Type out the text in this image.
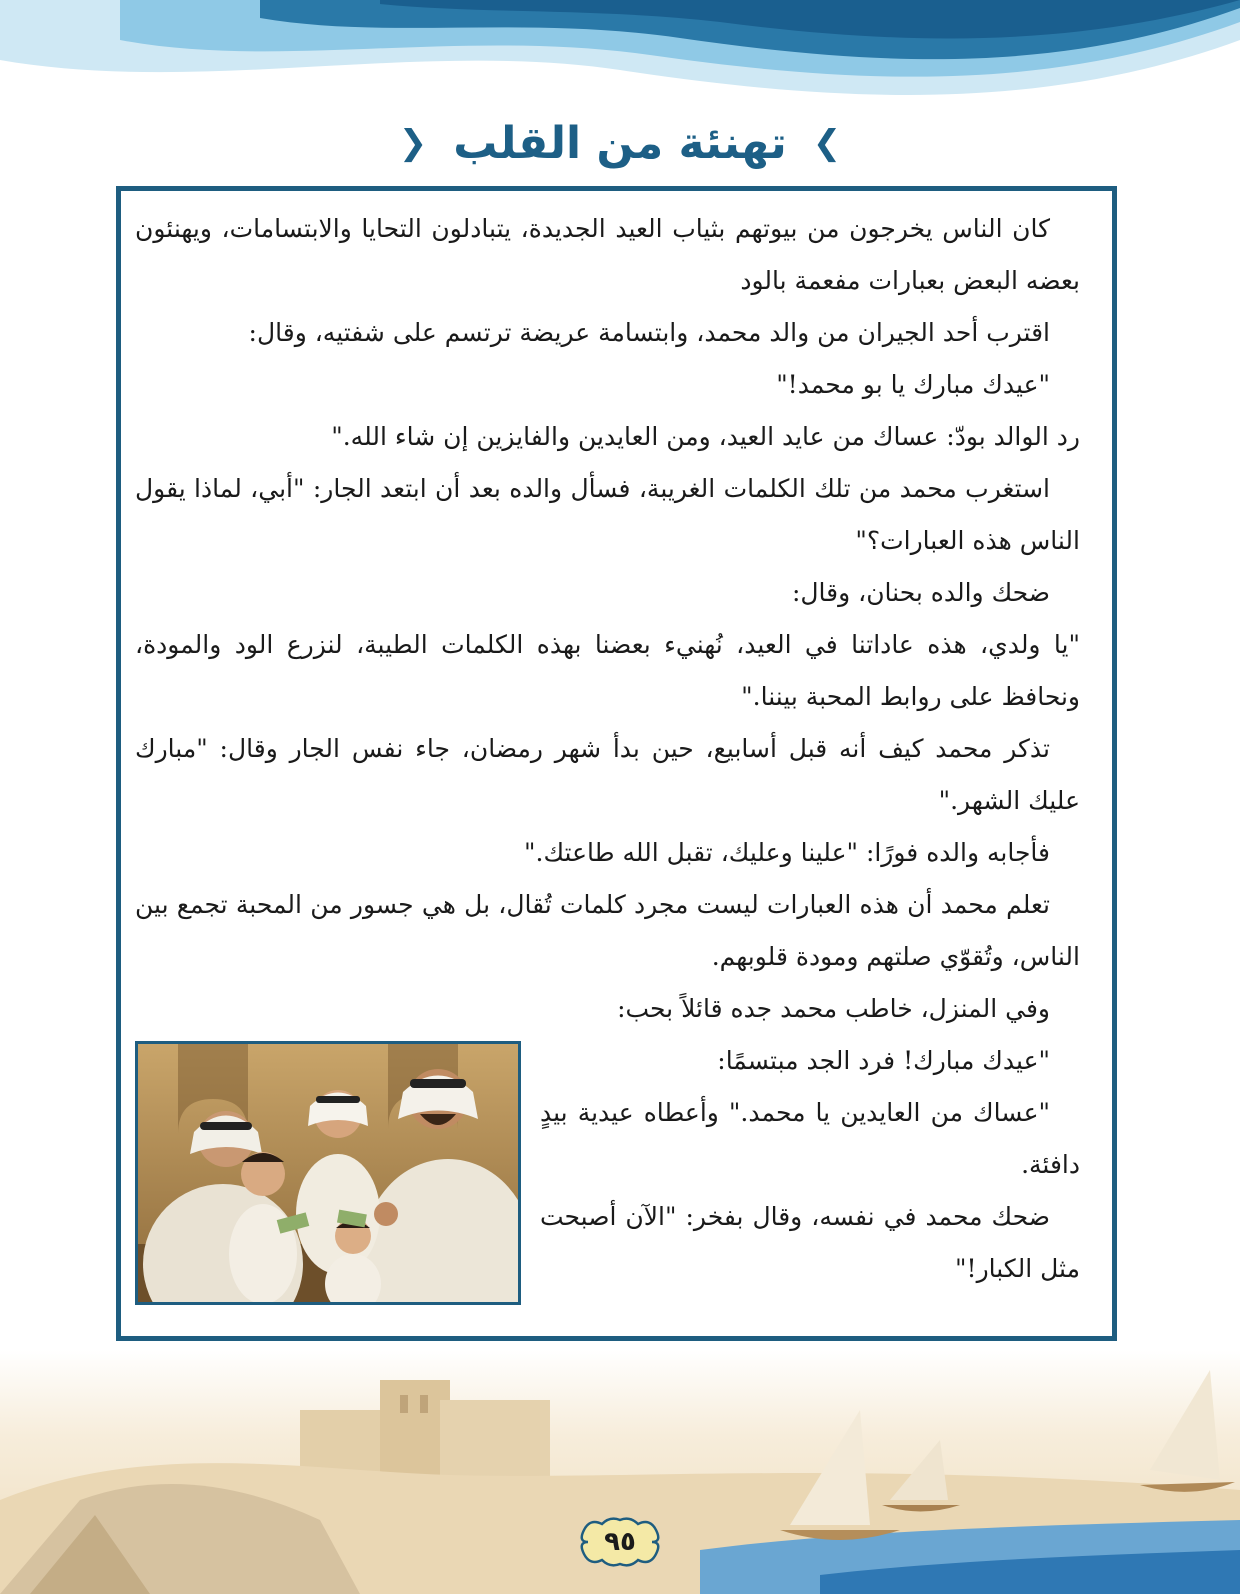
❯ تهنئة من القلب ❮

كان الناس يخرجون من بيوتهم بثياب العيد الجديدة، يتبادلون التحايا والابتسامات، ويهنئون بعضه البعض بعبارات مفعمة بالود

اقترب أحد الجيران من والد محمد، وابتسامة عريضة ترتسم على شفتيه، وقال:

"عيدك مبارك يا بو محمد!"

رد الوالد بودّ: عساك من عايد العيد، ومن العايدين والفايزين إن شاء الله."

استغرب محمد من تلك الكلمات الغريبة، فسأل والده بعد أن ابتعد الجار: "أبي، لماذا يقول الناس هذه العبارات؟"

ضحك والده بحنان، وقال:

"يا ولدي، هذه عاداتنا في العيد، نُهنيء بعضنا بهذه الكلمات الطيبة، لنزرع الود والمودة، ونحافظ على روابط المحبة بيننا."

تذكر محمد كيف أنه قبل أسابيع، حين بدأ شهر رمضان، جاء نفس الجار وقال: "مبارك عليك الشهر."

فأجابه والده فورًا: "علينا وعليك، تقبل الله طاعتك."

تعلم محمد أن هذه العبارات ليست مجرد كلمات تُقال، بل هي جسور من المحبة تجمع بين الناس، وتُقوّي صلتهم ومودة قلوبهم.

وفي المنزل، خاطب محمد جده قائلاً بحب:

"عيدك مبارك! فرد الجد مبتسمًا:

"عساك من العايدين يا محمد." وأعطاه عيدية بيدٍ دافئة.

ضحك محمد في نفسه، وقال بفخر: "الآن أصبحت مثل الكبار!"

٩٥
